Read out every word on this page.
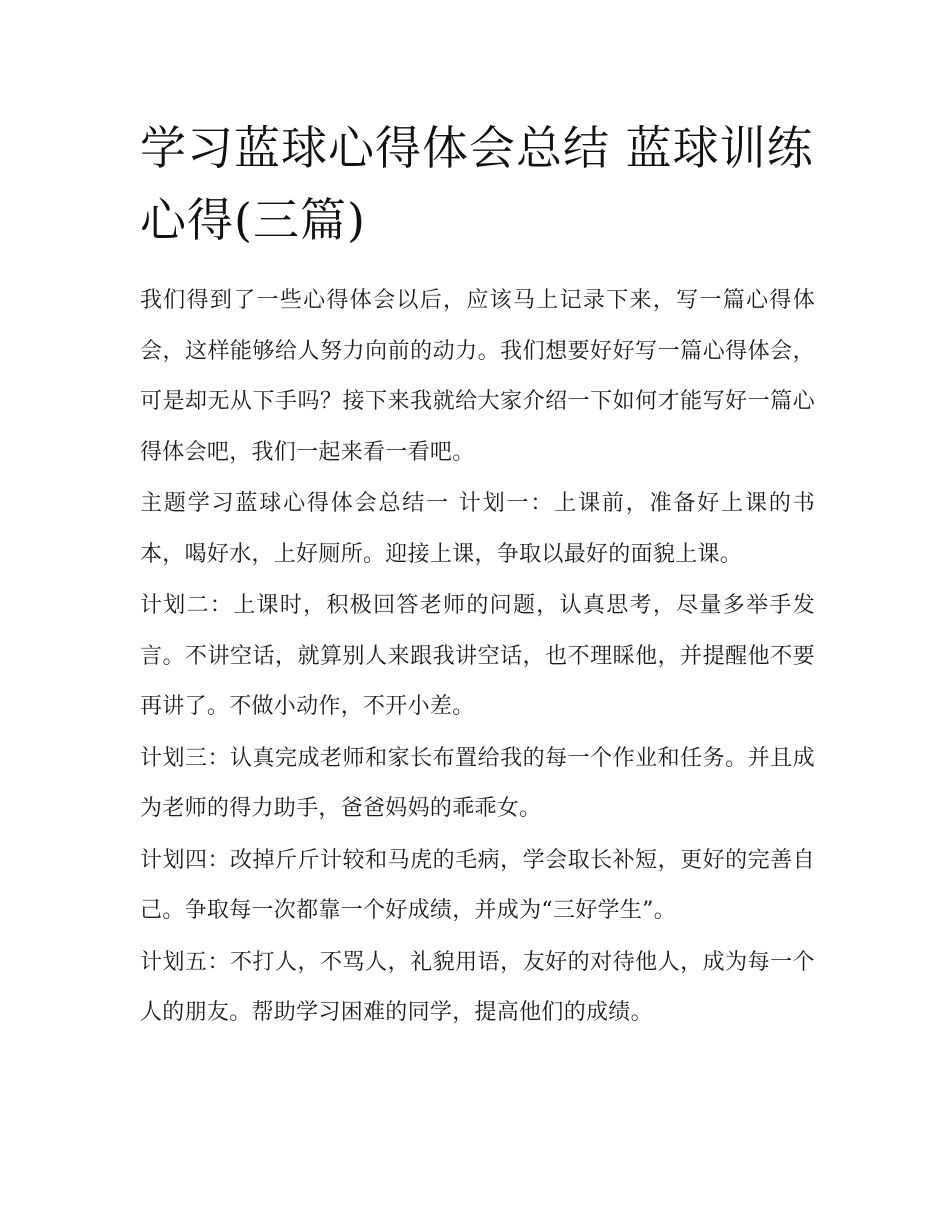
学习蓝球心得体会总结 蓝球训练心得(三篇)

我们得到了一些心得体会以后，应该马上记录下来，写一篇心得体会，这样能够给人努力向前的动力。我们想要好好写一篇心得体会，可是却无从下手吗？接下来我就给大家介绍一下如何才能写好一篇心得体会吧，我们一起来看一看吧。

主题学习蓝球心得体会总结一 计划一：上课前，准备好上课的书本，喝好水，上好厕所。迎接上课，争取以最好的面貌上课。

计划二：上课时，积极回答老师的问题，认真思考，尽量多举手发言。不讲空话，就算别人来跟我讲空话，也不理睬他，并提醒他不要再讲了。不做小动作，不开小差。

计划三：认真完成老师和家长布置给我的每一个作业和任务。并且成为老师的得力助手，爸爸妈妈的乖乖女。

计划四：改掉斤斤计较和马虎的毛病，学会取长补短，更好的完善自己。争取每一次都靠一个好成绩，并成为“三好学生”。

计划五：不打人，不骂人，礼貌用语，友好的对待他人，成为每一个人的朋友。帮助学习困难的同学，提高他们的成绩。
